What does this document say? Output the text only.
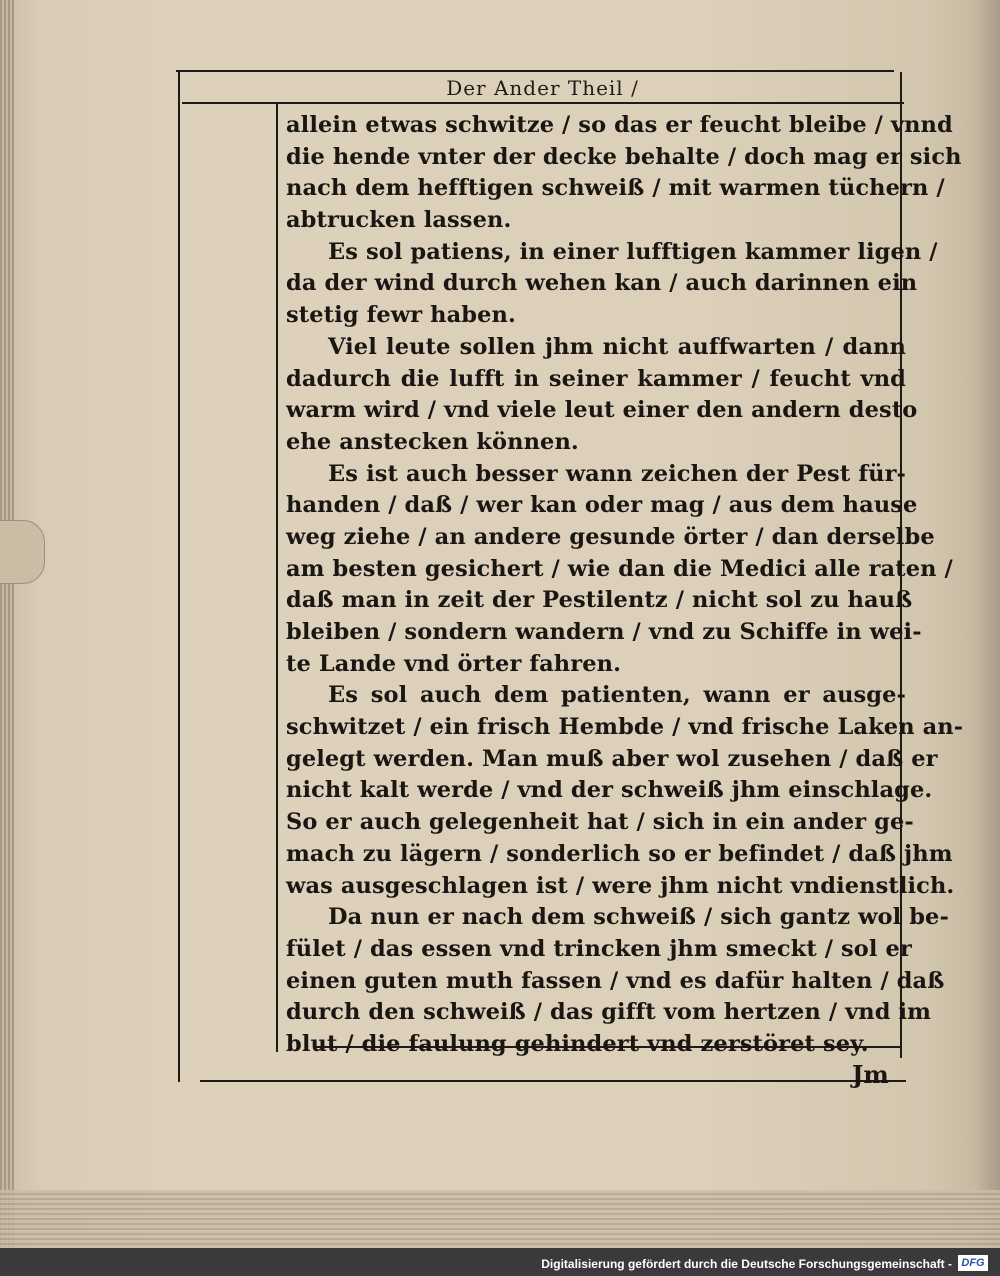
Der Ander Theil /
allein etwas schwitze / so das er feucht bleibe / vnnd
die hende vnter der decke behalte / doch mag er sich
nach dem hefftigen schweiß / mit warmen tüchern /
abtrucken lassen.
Es sol patiens, in einer lufftigen kammer ligen /
da der wind durch wehen kan / auch darinnen ein
stetig fewr haben.
Viel leute sollen jhm nicht auffwarten / dann
dadurch die lufft in seiner kammer / feucht vnd
warm wird / vnd viele leut einer den andern desto
ehe anstecken können.
Es ist auch besser wann zeichen der Pest für-
handen / daß / wer kan oder mag / aus dem hause
weg ziehe / an andere gesunde örter / dan derselbe
am besten gesichert / wie dan die Medici alle raten /
daß man in zeit der Pestilentz / nicht sol zu hauß
bleiben / sondern wandern / vnd zu Schiffe in wei-
te Lande vnd örter fahren.
Es sol auch dem patienten, wann er ausge-
schwitzet / ein frisch Hembde / vnd frische Laken an-
gelegt werden. Man muß aber wol zusehen / daß er
nicht kalt werde / vnd der schweiß jhm einschlage.
So er auch gelegenheit hat / sich in ein ander ge-
mach zu lägern / sonderlich so er befindet / daß jhm
was ausgeschlagen ist / were jhm nicht vndienstlich.
Da nun er nach dem schweiß / sich gantz wol be-
fület / das essen vnd trincken jhm smeckt / sol er
einen guten muth fassen / vnd es dafür halten / daß
durch den schweiß / das gifft vom hertzen / vnd im
blut / die faulung gehindert vnd zerstöret sey.
Jm
Digitalisierung gefördert durch die Deutsche Forschungsgemeinschaft - DFG
